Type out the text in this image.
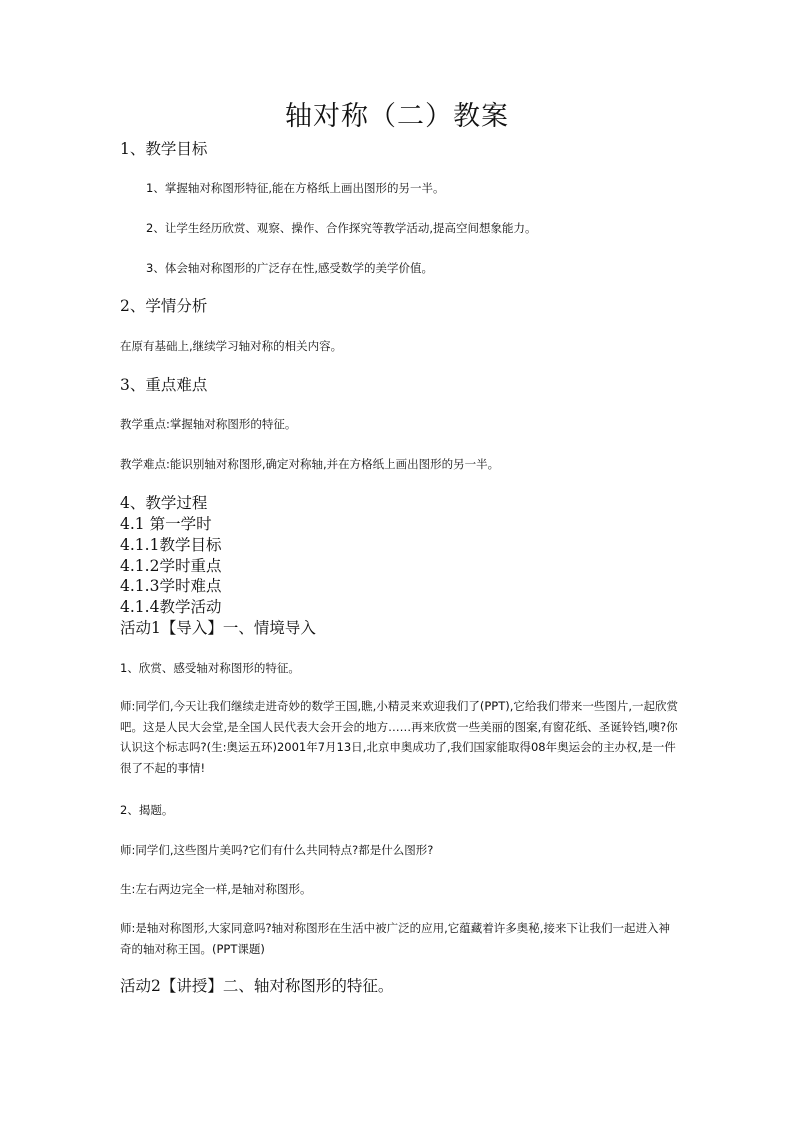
轴对称（二）教案
1、教学目标
1、掌握轴对称图形特征,能在方格纸上画出图形的另一半。
2、让学生经历欣赏、观察、操作、合作探究等教学活动,提高空间想象能力。
3、体会轴对称图形的广泛存在性,感受数学的美学价值。
2、学情分析
在原有基础上,继续学习轴对称的相关内容。
3、重点难点
教学重点:掌握轴对称图形的特征。
教学难点:能识别轴对称图形,确定对称轴,并在方格纸上画出图形的另一半。
4、教学过程
4.1 第一学时
4.1.1教学目标
4.1.2学时重点
4.1.3学时难点
4.1.4教学活动
活动1【导入】一、情境导入
1、欣赏、感受轴对称图形的特征。
师:同学们,今天让我们继续走进奇妙的数学王国,瞧,小精灵来欢迎我们了(PPT),它给我们带来一些图片,一起欣赏吧。这是人民大会堂,是全国人民代表大会开会的地方……再来欣赏一些美丽的图案,有窗花纸、圣诞铃铛,噢?你认识这个标志吗?(生:奥运五环)2001年7月13日,北京申奥成功了,我们国家能取得08年奥运会的主办权,是一件很了不起的事情!
2、揭题。
师:同学们,这些图片美吗?它们有什么共同特点?都是什么图形?
生:左右两边完全一样,是轴对称图形。
师:是轴对称图形,大家同意吗?轴对称图形在生活中被广泛的应用,它蕴藏着许多奥秘,接来下让我们一起进入神奇的轴对称王国。(PPT课题)
活动2【讲授】二、轴对称图形的特征。
